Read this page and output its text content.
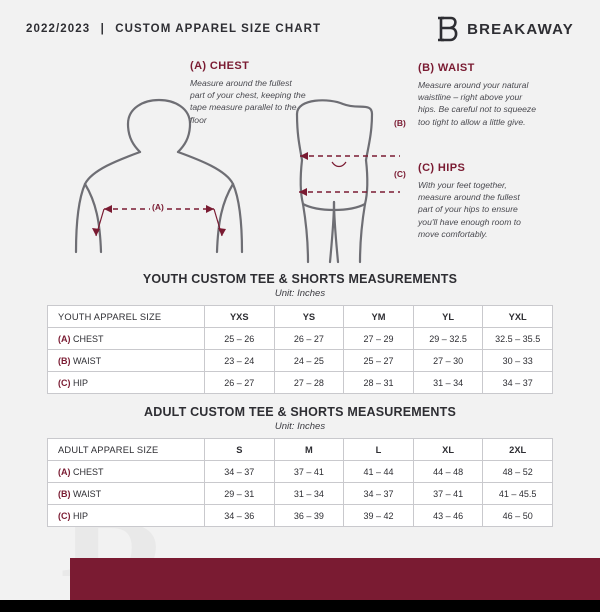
2022/2023 | CUSTOM APPAREL SIZE CHART	BREAKAWAY
(A) CHEST
Measure around the fullest part of your chest, keeping the tape measure parallel to the floor
(B) WAIST
Measure around your natural waistline – right above your hips. Be careful not to squeeze too tight to allow a little give.
(C) HIPS
With your feet together, measure around the fullest part of your hips to ensure you'll have enough room to move comfortably.
(A)
(B)
(C)
YOUTH CUSTOM TEE & SHORTS MEASUREMENTS
Unit: Inches
YOUTH APPAREL SIZE	YXS	YS	YM	YL	YXL
(A) CHEST	25 – 26	26 – 27	27 – 29	29 – 32.5	32.5 – 35.5
(B) WAIST	23 – 24	24 – 25	25 – 27	27 – 30	30 – 33
(C) HIP	26 – 27	27 – 28	28 – 31	31 – 34	34 – 37
ADULT CUSTOM TEE & SHORTS MEASUREMENTS
Unit: Inches
ADULT APPAREL SIZE	S	M	L	XL	2XL
(A) CHEST	34 – 37	37 – 41	41 – 44	44 – 48	48 – 52
(B) WAIST	29 – 31	31 – 34	34 – 37	37 – 41	41 – 45.5
(C) HIP	34 – 36	36 – 39	39 – 42	43 – 46	46 – 50
